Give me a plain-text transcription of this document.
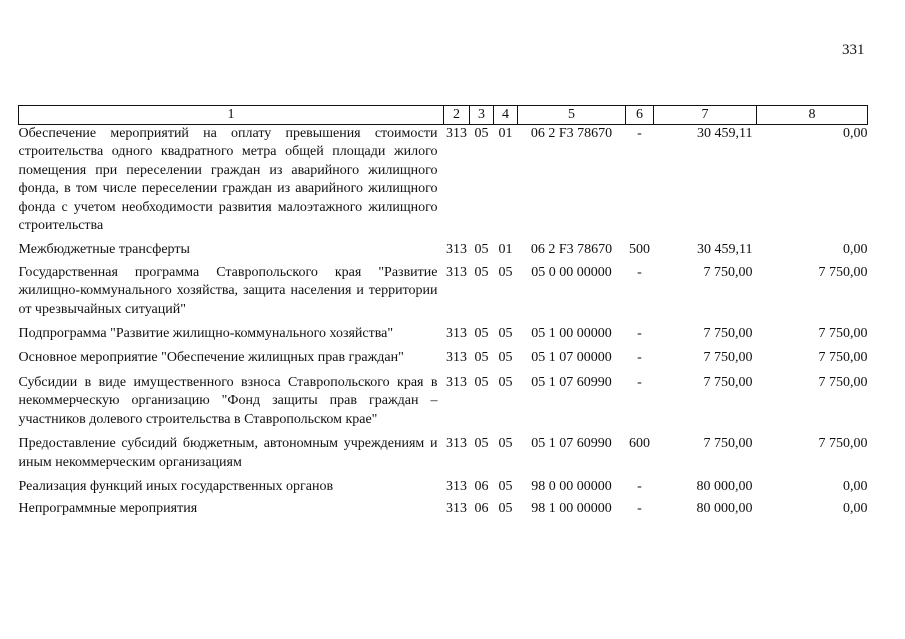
331
1	2	3	4	5	6	7	8
Обеспечение мероприятий на оплату превышения стоимости строительства одного квадратного метра общей площади жилого помещения при переселении граждан из аварийного жилищного фонда, в том числе переселении граждан из аварийного жилищного фонда с учетом необходимости развития малоэтажного жилищного строительства	313	05	01	06 2 F3 78670	-	30 459,11	0,00
Межбюджетные трансферты	313	05	01	06 2 F3 78670	500	30 459,11	0,00
Государственная программа Ставропольского края "Развитие жилищно-коммунального хозяйства, защита населения и территории от чрезвычайных ситуаций"	313	05	05	05 0 00 00000	-	7 750,00	7 750,00
Подпрограмма "Развитие жилищно-коммунального хозяйства"	313	05	05	05 1 00 00000	-	7 750,00	7 750,00
Основное мероприятие "Обеспечение жилищных прав граждан"	313	05	05	05 1 07 00000	-	7 750,00	7 750,00
Субсидии в виде имущественного взноса Ставропольского края в некоммерческую организацию "Фонд защиты прав граждан – участников долевого строительства в Ставропольском крае"	313	05	05	05 1 07 60990	-	7 750,00	7 750,00
Предоставление субсидий бюджетным, автономным учреждениям и иным некоммерческим организациям	313	05	05	05 1 07 60990	600	7 750,00	7 750,00
Реализация функций иных государственных органов	313	06	05	98 0 00 00000	-	80 000,00	0,00
Непрограммные мероприятия	313	06	05	98 1 00 00000	-	80 000,00	0,00
